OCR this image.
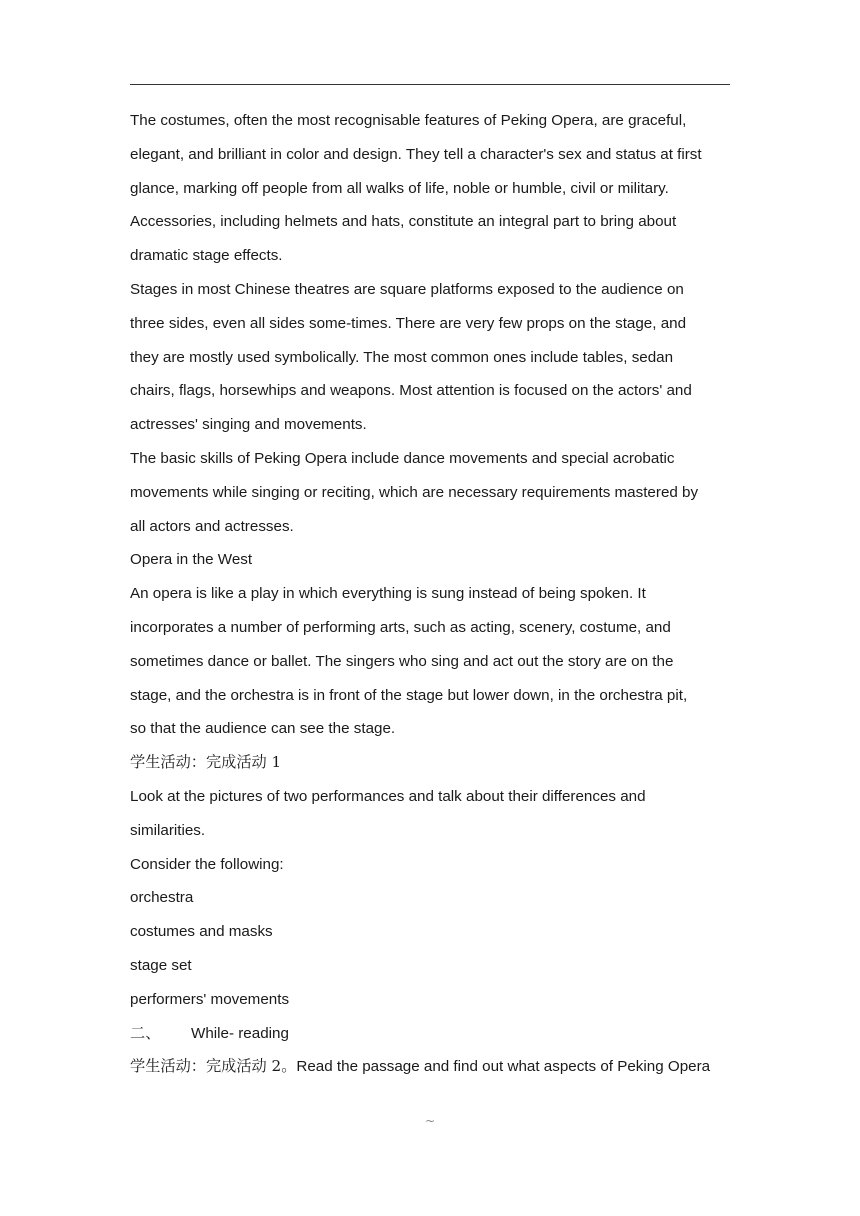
The costumes, often the most recognisable features of Peking Opera, are graceful,
elegant, and brilliant in color and design. They tell a character's sex and status at first
glance, marking off people from all walks of life, noble or humble, civil or military.
Accessories, including helmets and hats, constitute an integral part to bring about
dramatic stage effects.
Stages in most Chinese theatres are square platforms exposed to the audience on
three sides, even all sides some-times. There are very few props on the stage, and
they are mostly used symbolically. The most common ones include tables, sedan
chairs, flags, horsewhips and weapons. Most attention is focused on the actors' and
actresses' singing and movements.
The basic skills of Peking Opera include dance movements and special acrobatic
movements while singing or reciting, which are necessary requirements mastered by
all actors and actresses.
Opera in the West
An opera is like a play in which everything is sung instead of being spoken. It
incorporates a number of performing arts, such as acting, scenery, costume, and
sometimes dance or ballet. The singers who sing and act out the story are on the
stage, and the orchestra is in front of the stage but lower down, in the orchestra pit,
so that the audience can see the stage.
学生活动：完成活动 1
Look at the pictures of two performances and talk about their differences and
similarities.
Consider the following:
orchestra
costumes and masks
stage set
performers' movements
二、	While- reading
学生活动：完成活动 2。Read the passage and find out what aspects of Peking Opera
~
